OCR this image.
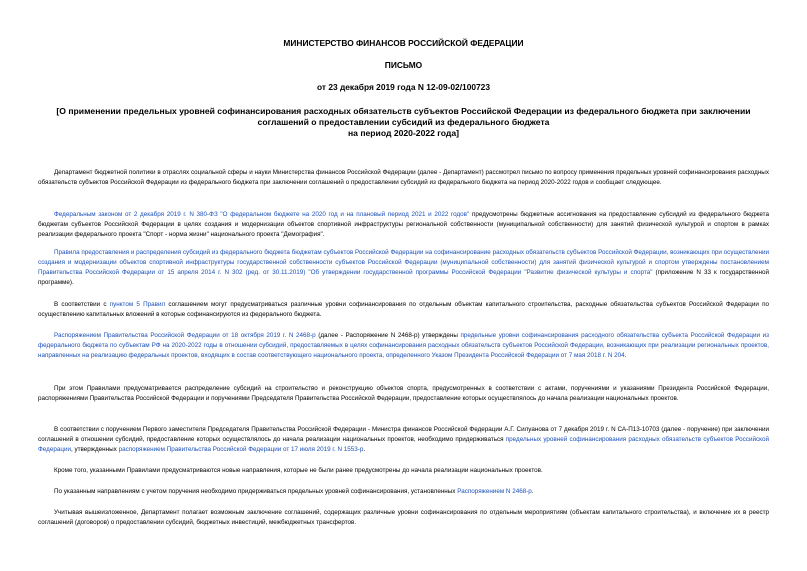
МИНИСТЕРСТВО ФИНАНСОВ РОССИЙСКОЙ ФЕДЕРАЦИИ
ПИСЬМО
от 23 декабря 2019 года N 12-09-02/100723
[О применении предельных уровней софинансирования расходных обязательств субъектов Российской Федерации из федерального бюджета при заключении
соглашений о предоставлении субсидий из федерального бюджета
на период 2020-2022 года]

Департамент бюджетной политики в отраслях социальной сферы и науки Министерства финансов Российской Федерации (далее - Департамент) рассмотрел письмо по вопросу применения предельных уровней софинансирования расходных обязательств субъектов Российской Федерации из федерального бюджета при заключении соглашений о предоставлении субсидий из федерального бюджета на период 2020-2022 годов и сообщает следующее.

Федеральным законом от 2 декабря 2019 г. N 380-ФЗ "О федеральном бюджете на 2020 год и на плановый период 2021 и 2022 годов" предусмотрены бюджетные ассигнования на предоставление субсидий из федерального бюджета бюджетам субъектов Российской Федерации в целях создания и модернизации объектов спортивной инфраструктуры региональной собственности (муниципальной собственности) для занятий физической культурой и спортом в рамках реализации федерального проекта "Спорт - норма жизни" национального проекта "Демография".

Правила предоставления и распределения субсидий из федерального бюджета бюджетам субъектов Российской Федерации на софинансирование расходных обязательств субъектов Российской Федерации, возникающих при осуществлении создания и модернизации объектов спортивной инфраструктуры государственной собственности субъектов Российской Федерации (муниципальной собственности) для занятий физической культурой и спортом утверждены постановлением Правительства Российской Федерации от 15 апреля 2014 г. N 302 (ред. от 30.11.2019) "Об утверждении государственной программы Российской Федерации "Развитие физической культуры и спорта" (приложение N 33 к государственной программе).

В соответствии с пунктом 5 Правил соглашением могут предусматриваться различные уровни софинансирования по отдельным объектам капитального строительства, расходные обязательства субъектов Российской Федерации по осуществлению капитальных вложений в которые софинансируются из федерального бюджета.

Распоряжением Правительства Российской Федерации от 18 октября 2019 г. N 2468-р (далее - Распоряжение N 2468-р) утверждены предельные уровни софинансирования расходного обязательства субъекта Российской Федерации из федерального бюджета по субъектам РФ на 2020-2022 годы в отношении субсидий, предоставляемых в целях софинансирования расходных обязательств субъектов Российской Федерации, возникающих при реализации региональных проектов, направленных на реализацию федеральных проектов, входящих в состав соответствующего национального проекта, определенного Указом Президента Российской Федерации от 7 мая 2018 г. N 204.

При этом Правилами предусматривается распределение субсидий на строительство и реконструкцию объектов спорта, предусмотренных в соответствии с актами, поручениями и указаниями Президента Российской Федерации, распоряжениями Правительства Российской Федерации и поручениями Председателя Правительства Российской Федерации, предоставление которых осуществлялось до начала реализации национальных проектов.

В соответствии с поручением Первого заместителя Председателя Правительства Российской Федерации - Министра финансов Российской Федерации А.Г. Силуанова от 7 декабря 2019 г. N СА-П13-10703 (далее - поручение) при заключении соглашений в отношении субсидий, предоставление которых осуществлялось до начала реализации национальных проектов, необходимо придерживаться предельных уровней софинансирования расходных обязательств субъектов Российской Федерации, утвержденных распоряжением Правительства Российской Федерации от 17 июля 2019 г. N 1553-р.

Кроме того, указанными Правилами предусматриваются новые направления, которые не были ранее предусмотрены до начала реализации национальных проектов.

По указанным направлениям с учетом поручения необходимо придерживаться предельных уровней софинансирования, установленных Распоряжением N 2468-р.

Учитывая вышеизложенное, Департамент полагает возможным заключение соглашений, содержащих различные уровни софинансирования по отдельным мероприятиям (объектам капитального строительства), и включение их в реестр соглашений (договоров) о предоставлении субсидий, бюджетных инвестиций, межбюджетных трансфертов.
